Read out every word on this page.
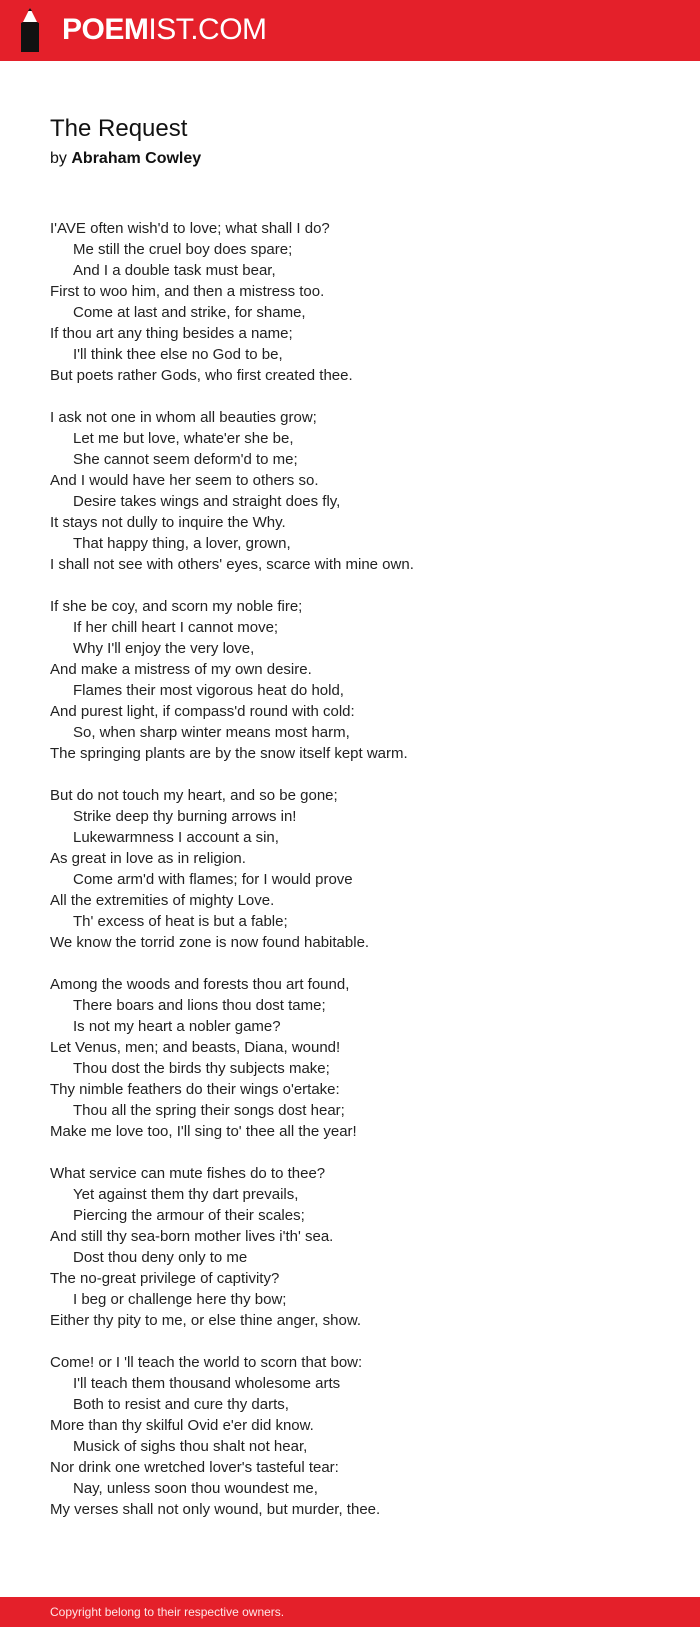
POEMIST.COM
The Request
by Abraham Cowley
I'AVE often wish'd to love; what shall I do?
Me still the cruel boy does spare;
And I a double task must bear,
First to woo him, and then a mistress too.
Come at last and strike, for shame,
If thou art any thing besides a name;
I'll think thee else no God to be,
But poets rather Gods, who first created thee.
I ask not one in whom all beauties grow;
Let me but love, whate'er she be,
She cannot seem deform'd to me;
And I would have her seem to others so.
Desire takes wings and straight does fly,
It stays not dully to inquire the Why.
That happy thing, a lover, grown,
I shall not see with others' eyes, scarce with mine own.
If she be coy, and scorn my noble fire;
If her chill heart I cannot move;
Why I'll enjoy the very love,
And make a mistress of my own desire.
Flames their most vigorous heat do hold,
And purest light, if compass'd round with cold:
So, when sharp winter means most harm,
The springing plants are by the snow itself kept warm.
But do not touch my heart, and so be gone;
Strike deep thy burning arrows in!
Lukewarmness I account a sin,
As great in love as in religion.
Come arm'd with flames; for I would prove
All the extremities of mighty Love.
Th' excess of heat is but a fable;
We know the torrid zone is now found habitable.
Among the woods and forests thou art found,
There boars and lions thou dost tame;
Is not my heart a nobler game?
Let Venus, men; and beasts, Diana, wound!
Thou dost the birds thy subjects make;
Thy nimble feathers do their wings o'ertake:
Thou all the spring their songs dost hear;
Make me love too, I'll sing to' thee all the year!
What service can mute fishes do to thee?
Yet against them thy dart prevails,
Piercing the armour of their scales;
And still thy sea-born mother lives i'th' sea.
Dost thou deny only to me
The no-great privilege of captivity?
I beg or challenge here thy bow;
Either thy pity to me, or else thine anger, show.
Come! or I 'll teach the world to scorn that bow:
I'll teach them thousand wholesome arts
Both to resist and cure thy darts,
More than thy skilful Ovid e'er did know.
Musick of sighs thou shalt not hear,
Nor drink one wretched lover's tasteful tear:
Nay, unless soon thou woundest me,
My verses shall not only wound, but murder, thee.
Copyright belong to their respective owners.
